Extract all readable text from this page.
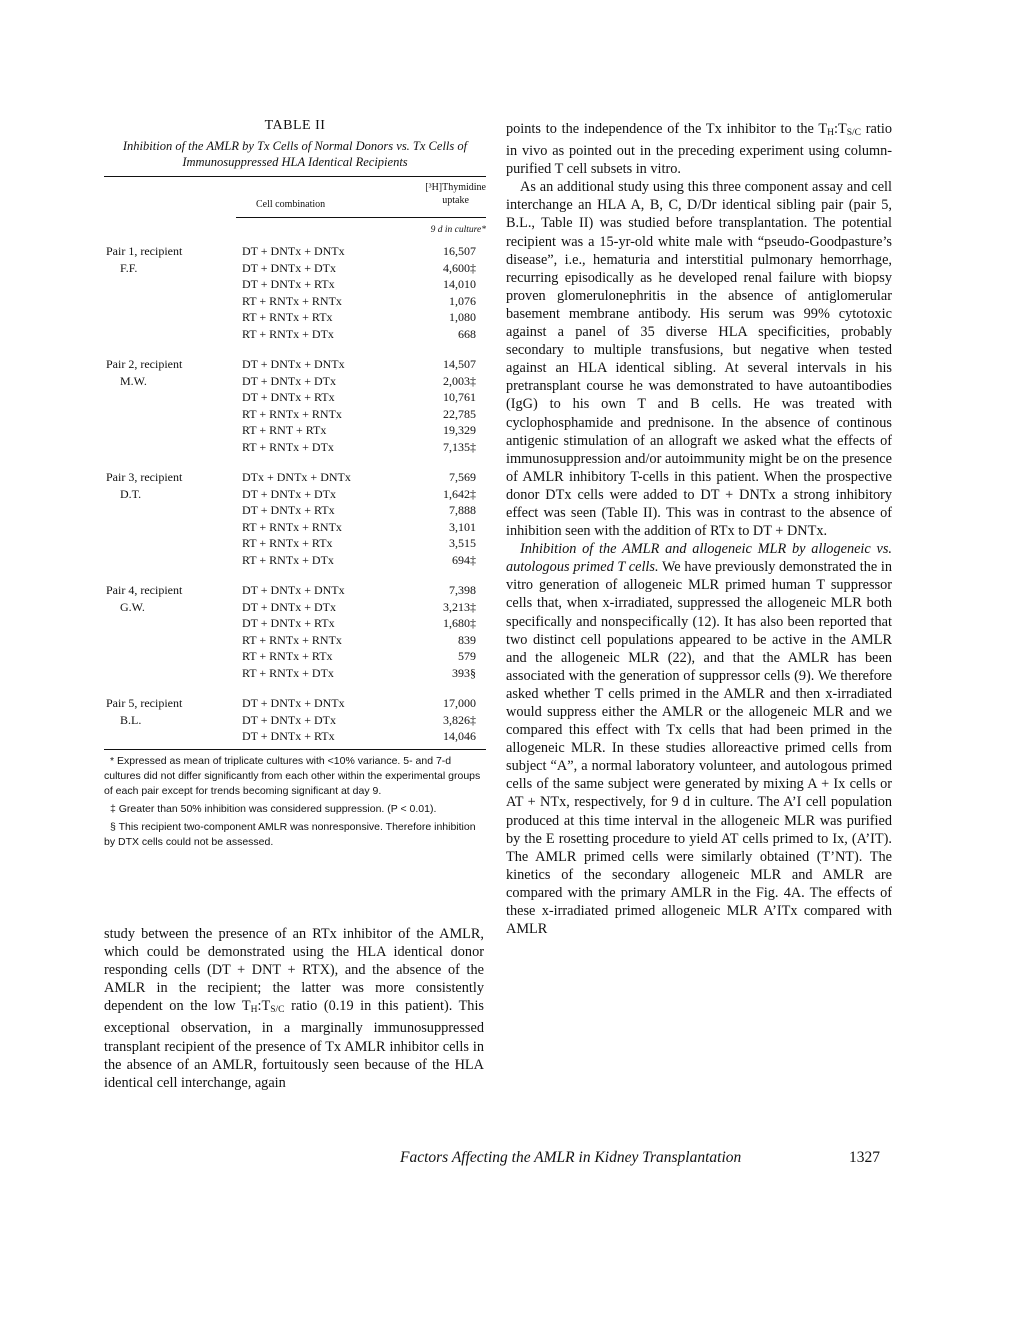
TABLE II

Inhibition of the AMLR by Tx Cells of Normal Donors vs. Tx Cells of Immunosuppressed HLA Identical Recipients

Cell combination
[³H]Thymidine
uptake
9 d in culture*
Pair 1, recipient	DT + DNTx + DNTx	16,507
F.F.	DT + DNTx + DTx	4,600‡
DT + DNTx + RTx	14,010
RT + RNTx + RNTx	1,076
RT + RNTx + RTx	1,080
RT + RNTx + DTx	668
Pair 2, recipient	DT + DNTx + DNTx	14,507
M.W.	DT + DNTx + DTx	2,003‡
DT + DNTx + RTx	10,761
RT + RNTx + RNTx	22,785
RT + RNT + RTx	19,329
RT + RNTx + DTx	7,135‡
Pair 3, recipient	DTx + DNTx + DNTx	7,569
D.T.	DT + DNTx + DTx	1,642‡
DT + DNTx + RTx	7,888
RT + RNTx + RNTx	3,101
RT + RNTx + RTx	3,515
RT + RNTx + DTx	694‡
Pair 4, recipient	DT + DNTx + DNTx	7,398
G.W.	DT + DNTx + DTx	3,213‡
DT + DNTx + RTx	1,680‡
RT + RNTx + RNTx	839
RT + RNTx + RTx	579
RT + RNTx + DTx	393§
Pair 5, recipient	DT + DNTx + DNTx	17,000
B.L.	DT + DNTx + DTx	3,826‡
DT + DNTx + RTx	14,046

* Expressed as mean of triplicate cultures with <10% variance. 5- and 7-d cultures did not differ significantly from each other within the experimental groups of each pair except for trends becoming significant at day 9.

‡ Greater than 50% inhibition was considered suppression. (P < 0.01).

§ This recipient two-component AMLR was nonresponsive. Therefore inhibition by DTX cells could not be assessed.

study between the presence of an RTx inhibitor of the AMLR, which could be demonstrated using the HLA identical donor responding cells (DT + DNT + RTX), and the absence of the AMLR in the recipient; the latter was more consistently dependent on the low $T_H:T_{S/C}$ ratio (0.19 in this patient). This exceptional observation, in a marginally immunosuppressed transplant recipient of the presence of Tx AMLR inhibitor cells in the absence of an AMLR, fortuitously seen because of the HLA identical cell interchange, again

points to the independence of the Tx inhibitor to the $T_H:T_{S/C}$ ratio in vivo as pointed out in the preceding experiment using column-purified T cell subsets in vitro.

As an additional study using this three component assay and cell interchange an HLA A, B, C, D/Dr identical sibling pair (pair 5, B.L., Table II) was studied before transplantation. The potential recipient was a 15-yr-old white male with “pseudo-Goodpasture’s disease”, i.e., hematuria and interstitial pulmonary hemorrhage, recurring episodically as he developed renal failure with biopsy proven glomerulonephritis in the absence of antiglomerular basement membrane antibody. His serum was 99% cytotoxic against a panel of 35 diverse HLA specificities, probably secondary to multiple transfusions, but negative when tested against an HLA identical sibling. At several intervals in his pretransplant course he was demonstrated to have autoantibodies (IgG) to his own T and B cells. He was treated with cyclophosphamide and prednisone. In the absence of continous antigenic stimulation of an allograft we asked what the effects of immunosuppression and/or autoimmunity might be on the presence of AMLR inhibitory T-cells in this patient. When the prospective donor DTx cells were added to DT + DNTx a strong inhibitory effect was seen (Table II). This was in contrast to the absence of inhibition seen with the addition of RTx to DT + DNTx.

Inhibition of the AMLR and allogeneic MLR by allogeneic vs. autologous primed T cells. We have previously demonstrated the in vitro generation of allogeneic MLR primed human T suppressor cells that, when x-irradiated, suppressed the allogeneic MLR both specifically and nonspecifically (12). It has also been reported that two distinct cell populations appeared to be active in the AMLR and the allogeneic MLR (22), and that the AMLR has been associated with the generation of suppressor cells (9). We therefore asked whether T cells primed in the AMLR and then x-irradiated would suppress either the AMLR or the allogeneic MLR and we compared this effect with Tx cells that had been primed in the allogeneic MLR. In these studies alloreactive primed cells from subject “A”, a normal laboratory volunteer, and autologous primed cells of the same subject were generated by mixing A + Ix cells or AT + NTx, respectively, for 9 d in culture. The A’I cell population produced at this time interval in the allogeneic MLR was purified by the E rosetting procedure to yield AT cells primed to Ix, (A’IT). The AMLR primed cells were similarly obtained (T’NT). The kinetics of the secondary allogeneic MLR and AMLR are compared with the primary AMLR in the Fig. 4A. The effects of these x-irradiated primed allogeneic MLR A’ITx compared with AMLR

Factors Affecting the AMLR in Kidney Transplantation	1327
